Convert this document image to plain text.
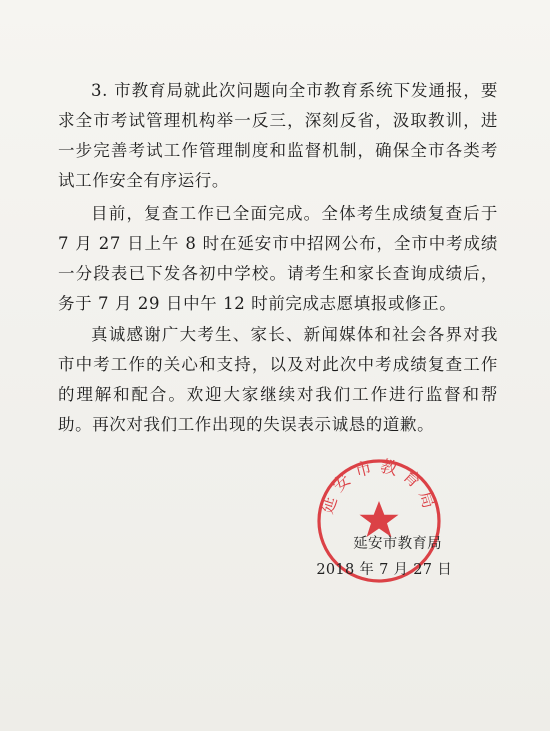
3. 市教育局就此次问题向全市教育系统下发通报，要求全市考试管理机构举一反三，深刻反省，汲取教训，进一步完善考试工作管理制度和监督机制，确保全市各类考试工作安全有序运行。

目前，复查工作已全面完成。全体考生成绩复查后于 7 月 27 日上午 8 时在延安市中招网公布，全市中考成绩一分段表已下发各初中学校。请考生和家长查询成绩后，务于 7 月 29 日中午 12 时前完成志愿填报或修正。

真诚感谢广大考生、家长、新闻媒体和社会各界对我市中考工作的关心和支持，以及对此次中考成绩复查工作的理解和配合。欢迎大家继续对我们工作进行监督和帮助。再次对我们工作出现的失误表示诚恳的道歉。

延安市教育局
延安市教育局
2018 年 7 月 27 日
